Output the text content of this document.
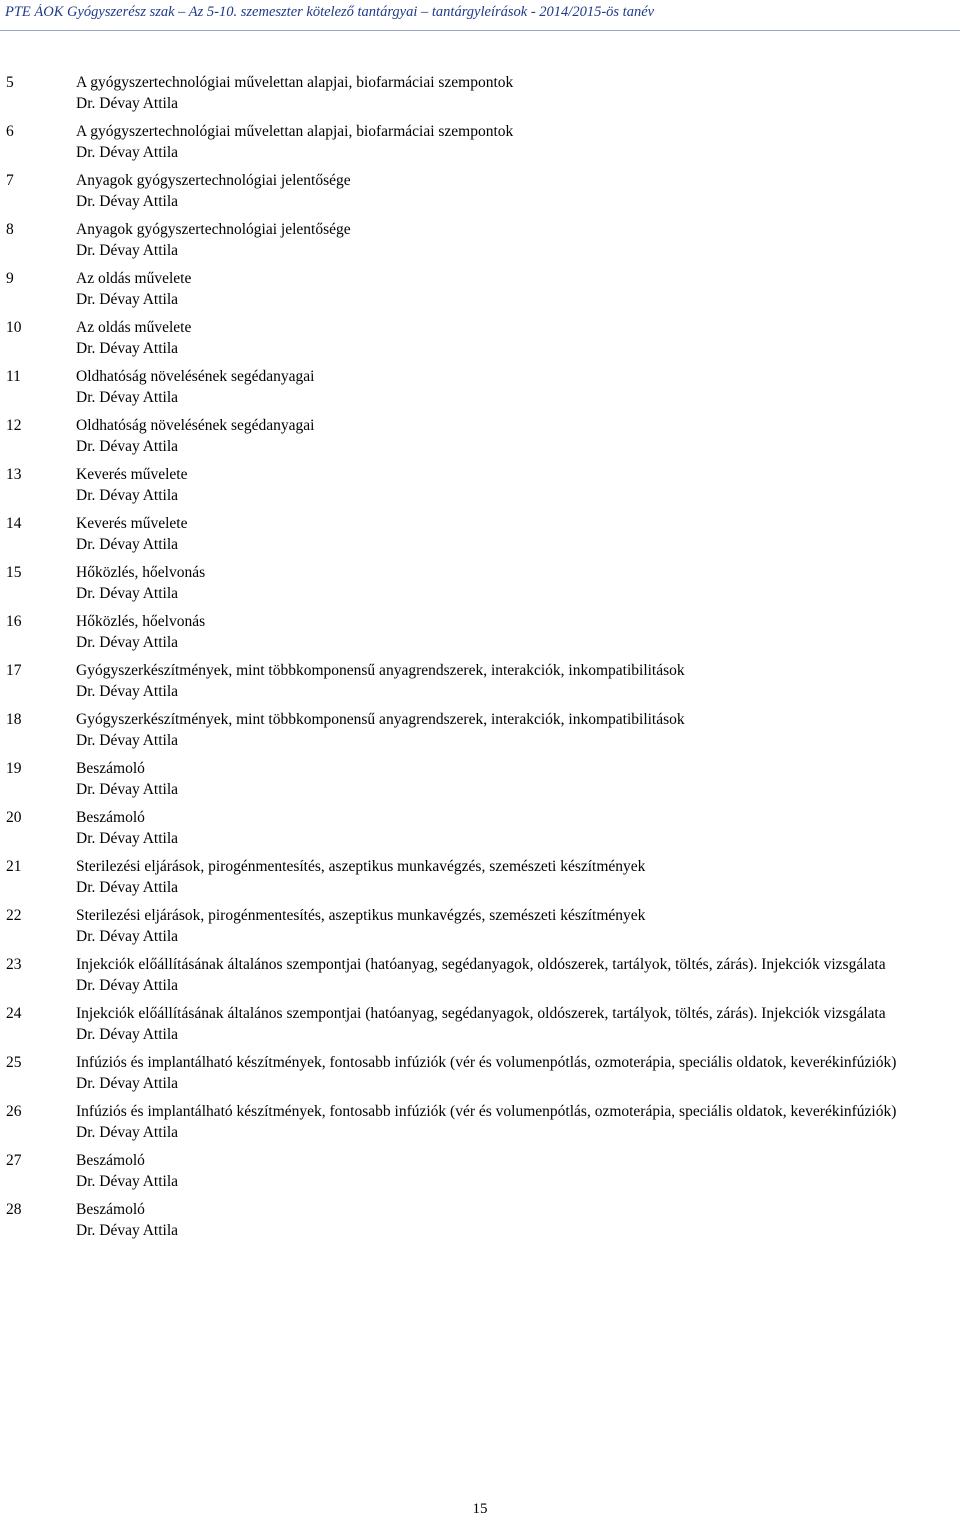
PTE ÁOK Gyógyszerész szak – Az 5-10. szemeszter kötelező tantárgyai – tantárgyleírások - 2014/2015-ös tanév
5	A gyógyszertechnológiai művelettan alapjai, biofarmáciai szempontok
Dr. Dévay Attila
6	A gyógyszertechnológiai művelettan alapjai, biofarmáciai szempontok
Dr. Dévay Attila
7	Anyagok gyógyszertechnológiai jelentősége
Dr. Dévay Attila
8	Anyagok gyógyszertechnológiai jelentősége
Dr. Dévay Attila
9	Az oldás művelete
Dr. Dévay Attila
10	Az oldás művelete
Dr. Dévay Attila
11	Oldhatóság növelésének segédanyagai
Dr. Dévay Attila
12	Oldhatóság növelésének segédanyagai
Dr. Dévay Attila
13	Keverés művelete
Dr. Dévay Attila
14	Keverés művelete
Dr. Dévay Attila
15	Hőközlés, hőelvonás
Dr. Dévay Attila
16	Hőközlés, hőelvonás
Dr. Dévay Attila
17	Gyógyszerkészítmények, mint többkomponensű anyagrendszerek, interakciók, inkompatibilitások
Dr. Dévay Attila
18	Gyógyszerkészítmények, mint többkomponensű anyagrendszerek, interakciók, inkompatibilitások
Dr. Dévay Attila
19	Beszámoló
Dr. Dévay Attila
20	Beszámoló
Dr. Dévay Attila
21	Sterilezési eljárások, pirogénmentesítés, aszeptikus munkavégzés, szemészeti készítmények
Dr. Dévay Attila
22	Sterilezési eljárások, pirogénmentesítés, aszeptikus munkavégzés, szemészeti készítmények
Dr. Dévay Attila
23	Injekciók előállításának általános szempontjai (hatóanyag, segédanyagok, oldószerek, tartályok, töltés, zárás). Injekciók vizsgálata
Dr. Dévay Attila
24	Injekciók előállításának általános szempontjai (hatóanyag, segédanyagok, oldószerek, tartályok, töltés, zárás). Injekciók vizsgálata
Dr. Dévay Attila
25	Infúziós és implantálható készítmények, fontosabb infúziók (vér és volumenpótlás, ozmoterápia, speciális oldatok, keverékinfúziók)
Dr. Dévay Attila
26	Infúziós és implantálható készítmények, fontosabb infúziók (vér és volumenpótlás, ozmoterápia, speciális oldatok, keverékinfúziók)
Dr. Dévay Attila
27	Beszámoló
Dr. Dévay Attila
28	Beszámoló
Dr. Dévay Attila
15
